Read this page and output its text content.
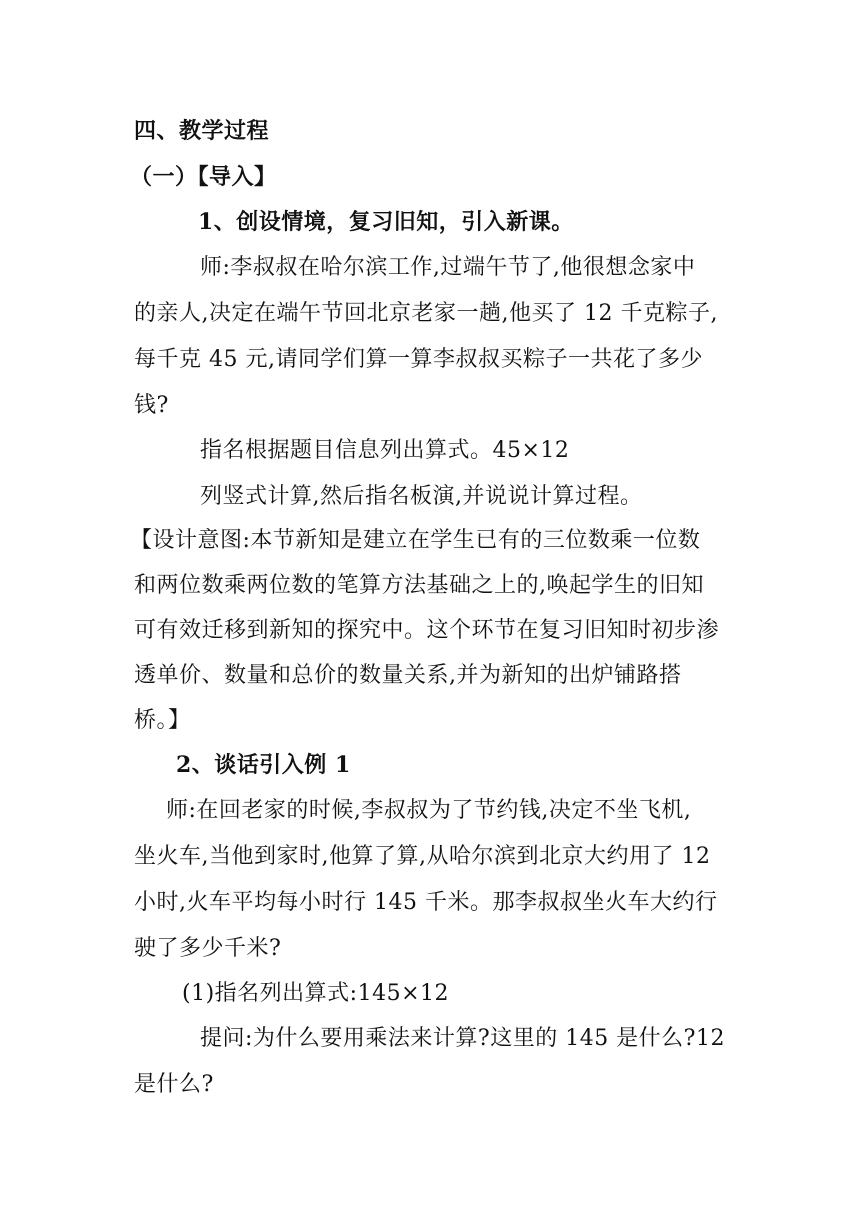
四、教学过程
（一）【导入】
1、创设情境，复习旧知，引入新课。
师:李叔叔在哈尔滨工作,过端午节了,他很想念家中
的亲人,决定在端午节回北京老家一趟,他买了 12 千克粽子,
每千克 45 元,请同学们算一算李叔叔买粽子一共花了多少
钱?
指名根据题目信息列出算式。45×12
列竖式计算,然后指名板演,并说说计算过程。
【设计意图:本节新知是建立在学生已有的三位数乘一位数
和两位数乘两位数的笔算方法基础之上的,唤起学生的旧知
可有效迁移到新知的探究中。这个环节在复习旧知时初步渗
透单价、数量和总价的数量关系,并为新知的出炉铺路搭
桥。】
2、谈话引入例 1
师:在回老家的时候,李叔叔为了节约钱,决定不坐飞机,
坐火车,当他到家时,他算了算,从哈尔滨到北京大约用了 12
小时,火车平均每小时行 145 千米。那李叔叔坐火车大约行
驶了多少千米?
(1)指名列出算式:145×12
提问:为什么要用乘法来计算?这里的 145 是什么?12
是什么?
